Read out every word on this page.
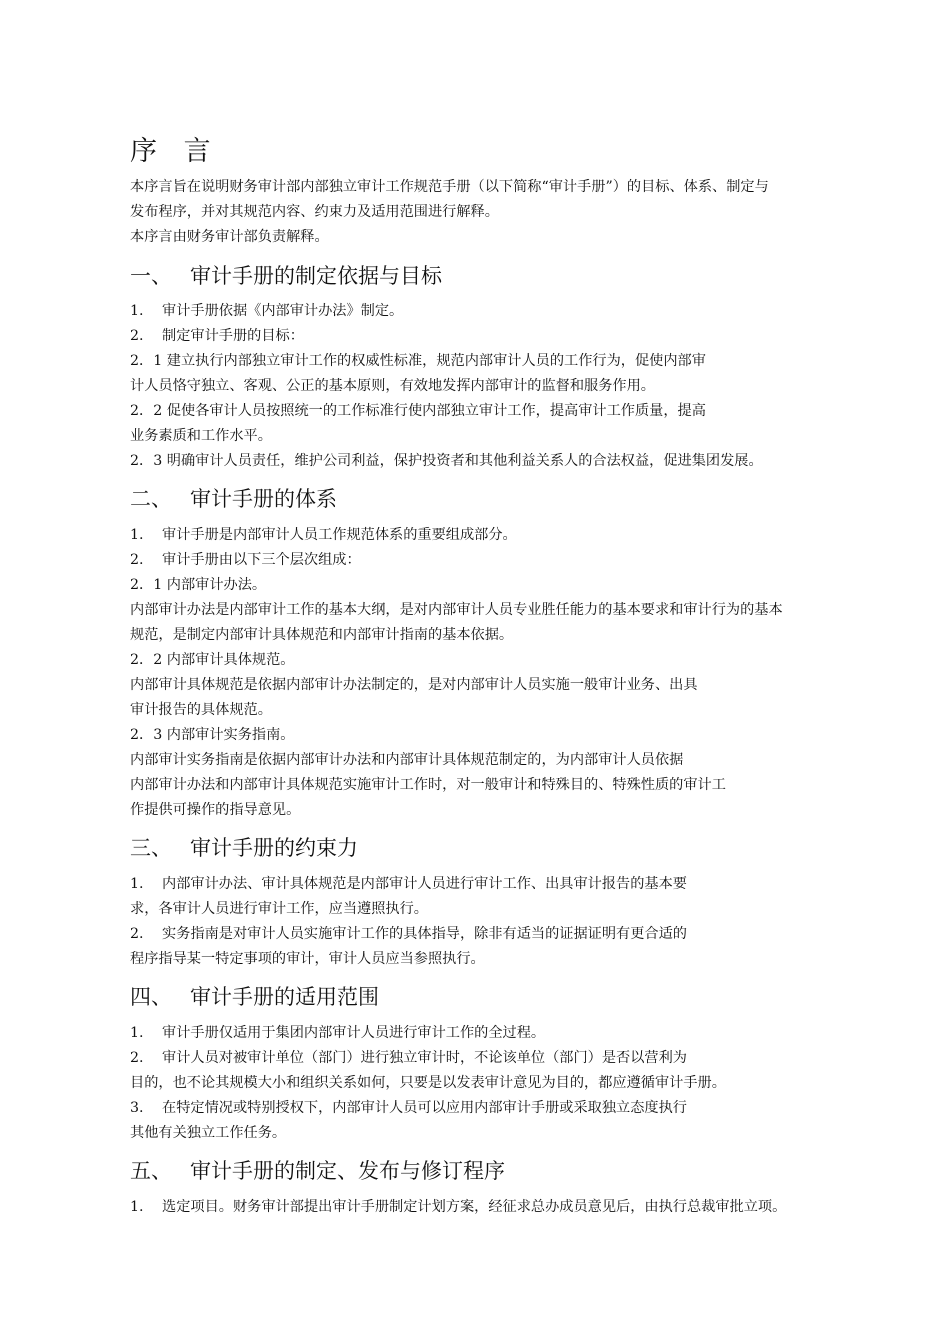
序 言
本序言旨在说明财务审计部内部独立审计工作规范手册（以下简称“审计手册”）的目标、体系、制定与
发布程序，并对其规范内容、约束力及适用范围进行解释。
本序言由财务审计部负责解释。
一、 审计手册的制定依据与目标
1. 审计手册依据《内部审计办法》制定。
2. 制定审计手册的目标：
2．1 建立执行内部独立审计工作的权威性标准，规范内部审计人员的工作行为，促使内部审
计人员恪守独立、客观、公正的基本原则，有效地发挥内部审计的监督和服务作用。
2．2 促使各审计人员按照统一的工作标准行使内部独立审计工作，提高审计工作质量，提高
业务素质和工作水平。
2．3 明确审计人员责任，维护公司利益，保护投资者和其他利益关系人的合法权益，促进集团发展。
二、 审计手册的体系
1. 审计手册是内部审计人员工作规范体系的重要组成部分。
2. 审计手册由以下三个层次组成：
2．1 内部审计办法。
内部审计办法是内部审计工作的基本大纲，是对内部审计人员专业胜任能力的基本要求和审计行为的基本
规范，是制定内部审计具体规范和内部审计指南的基本依据。
2．2 内部审计具体规范。
内部审计具体规范是依据内部审计办法制定的，是对内部审计人员实施一般审计业务、出具
审计报告的具体规范。
2．3 内部审计实务指南。
内部审计实务指南是依据内部审计办法和内部审计具体规范制定的，为内部审计人员依据
内部审计办法和内部审计具体规范实施审计工作时，对一般审计和特殊目的、特殊性质的审计工
作提供可操作的指导意见。
三、 审计手册的约束力
1. 内部审计办法、审计具体规范是内部审计人员进行审计工作、出具审计报告的基本要
求，各审计人员进行审计工作，应当遵照执行。
2. 实务指南是对审计人员实施审计工作的具体指导，除非有适当的证据证明有更合适的
程序指导某一特定事项的审计，审计人员应当参照执行。
四、 审计手册的适用范围
1. 审计手册仅适用于集团内部审计人员进行审计工作的全过程。
2. 审计人员对被审计单位（部门）进行独立审计时，不论该单位（部门）是否以营利为
目的，也不论其规模大小和组织关系如何，只要是以发表审计意见为目的，都应遵循审计手册。
3. 在特定情况或特别授权下，内部审计人员可以应用内部审计手册或采取独立态度执行
其他有关独立工作任务。
五、 审计手册的制定、发布与修订程序
1. 选定项目。财务审计部提出审计手册制定计划方案，经征求总办成员意见后，由执行总裁审批立项。
